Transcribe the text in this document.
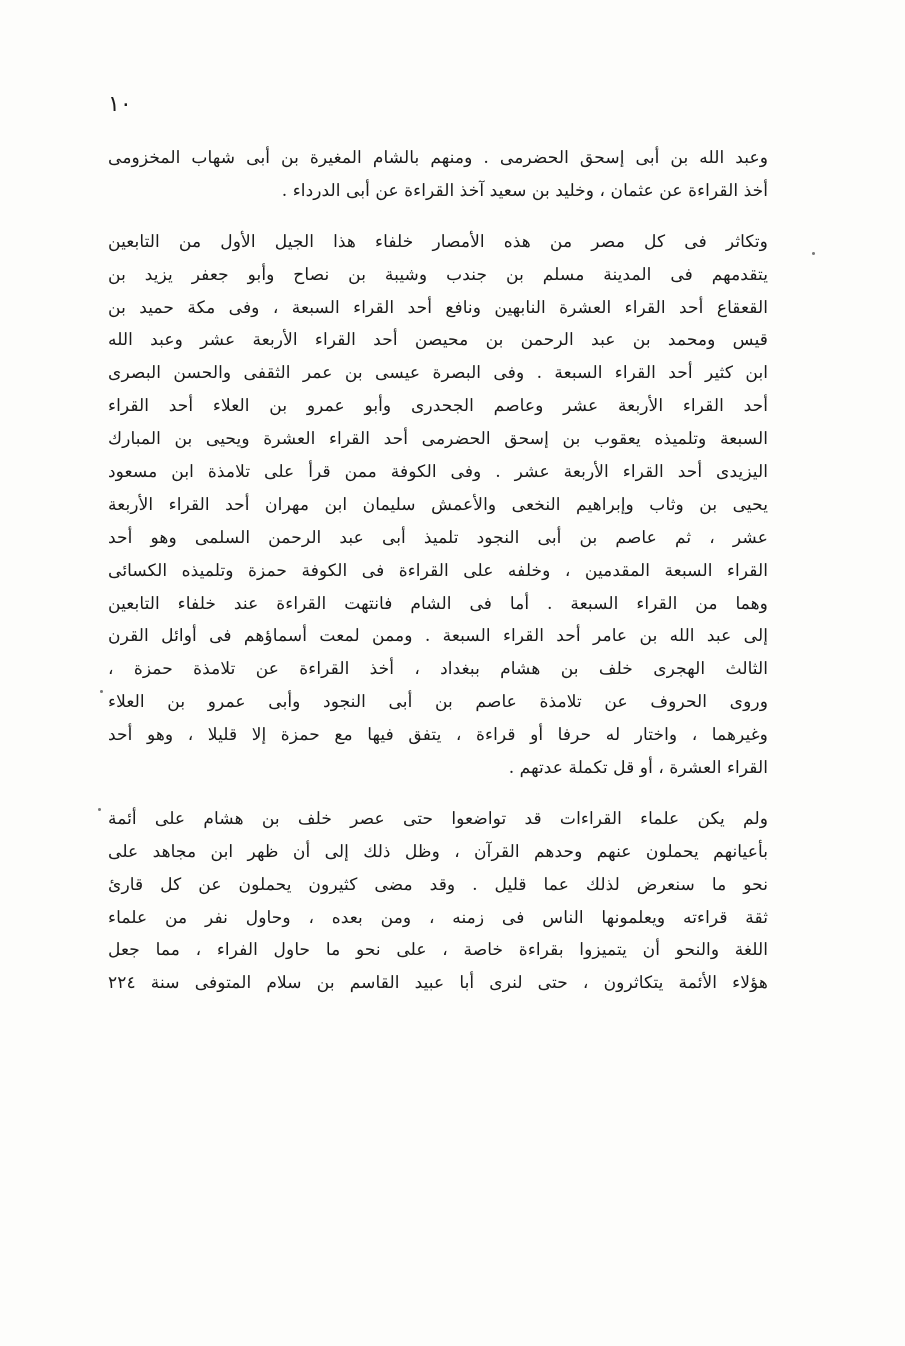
١٠
وعبد الله بن أبى إسحق الحضرمى . ومنهم بالشام المغيرة بن أبى شهاب المخزومى
أخذ القراءة عن عثمان ، وخليد بن سعيد آخذ القراءة عن أبى الدرداء .
وتكاثر فى كل مصر من هذه الأمصار خلفاء هذا الجيل الأول من التابعين
يتقدمهم فى المدينة مسلم بن جندب وشيبة بن نصاح وأبو جعفر يزيد بن
القعقاع أحد القراء العشرة النابهين ونافع أحد القراء السبعة ، وفى مكة حميد بن
قيس ومحمد بن عبد الرحمن بن محيصن أحد القراء الأربعة عشر وعبد الله
ابن كثير أحد القراء السبعة . وفى البصرة عيسى بن عمر الثقفى والحسن البصرى
أحد القراء الأربعة عشر وعاصم الجحدرى وأبو عمرو بن العلاء أحد القراء
السبعة وتلميذه يعقوب بن إسحق الحضرمى أحد القراء العشرة ويحيى بن المبارك
اليزيدى أحد القراء الأربعة عشر . وفى الكوفة ممن قرأ على تلامذة ابن مسعود
يحيى بن وثاب وإبراهيم النخعى والأعمش سليمان ابن مهران أحد القراء الأربعة
عشر ، ثم عاصم بن أبى النجود تلميذ أبى عبد الرحمن السلمى وهو أحد
القراء السبعة المقدمين ، وخلفه على القراءة فى الكوفة حمزة وتلميذه الكسائى
وهما من القراء السبعة . أما فى الشام فانتهت القراءة عند خلفاء التابعين
إلى عبد الله بن عامر أحد القراء السبعة . وممن لمعت أسماؤهم فى أوائل القرن
الثالث الهجرى خلف بن هشام ببغداد ، أخذ القراءة عن تلامذة حمزة ،
وروى الحروف عن تلامذة عاصم بن أبى النجود وأبى عمرو بن العلاء
وغيرهما ، واختار له حرفا أو قراءة ، يتفق فيها مع حمزة إلا قليلا ، وهو أحد
القراء العشرة ، أو قل تكملة عدتهم .
ولم يكن علماء القراءات قد تواضعوا حتى عصر خلف بن هشام على أئمة
بأعيانهم يحملون عنهم وحدهم القرآن ، وظل ذلك إلى أن ظهر ابن مجاهد على
نحو ما سنعرض لذلك عما قليل . وقد مضى كثيرون يحملون عن كل قارئ
ثقة قراءته ويعلمونها الناس فى زمنه ، ومن بعده ، وحاول نفر من علماء
اللغة والنحو أن يتميزوا بقراءة خاصة ، على نحو ما حاول الفراء ، مما جعل
هؤلاء الأئمة يتكاثرون ، حتى لنرى أبا عبيد القاسم بن سلام المتوفى سنة ٢٢٤
